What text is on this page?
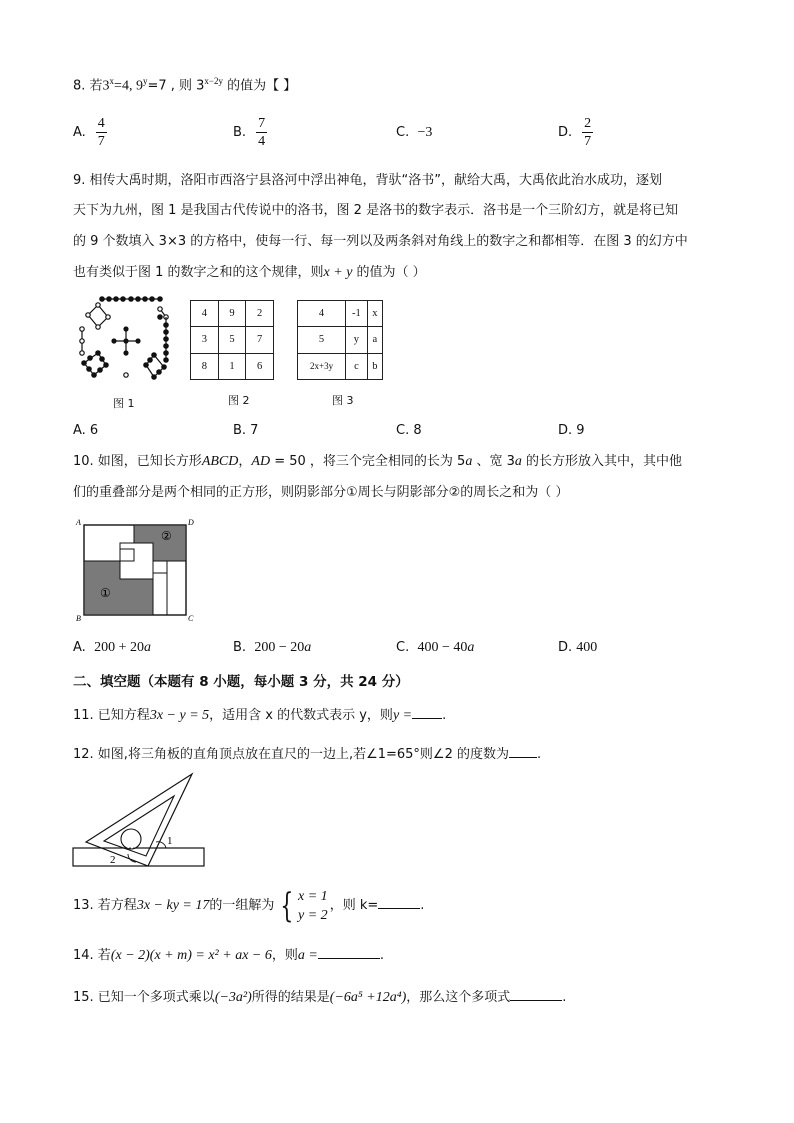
8. 若$3^x=4$, $9^y=7$ , 则 $3^{x-2y}$ 的值为【 】
A. $\frac{4}{7}$	B. $\frac{7}{4}$	C. −3	D. $\frac{2}{7}$
9. 相传大禹时期，洛阳市西洛宁县洛河中浮出神龟，背驮“洛书”，献给大禹，大禹依此治水成功，逐划
天下为九州，图 1 是我国古代传说中的洛书，图 2 是洛书的数字表示．洛书是一个三阶幻方，就是将已知
的 9 个数填入 3×3 的方格中，使每一行、每一列以及两条斜对角线上的数字之和都相等．在图 3 的幻方中
也有类似于图 1 的数字之和的这个规律，则x + y 的值为（ ）
图 1
4	9	2
3	5	7
8	1	6
图 2
4	-1	x
5	y	a
2x+3y	c	b
图 3
A. 6	B. 7	C. 8	D. 9
10. 如图，已知长方形ABCD，AD = 50 ，将三个完全相同的长为 5a 、宽 3a 的长方形放入其中，其中他
们的重叠部分是两个相同的正方形，则阴影部分①周长与阴影部分②的周长之和为（ ）
A	D
B	C
①
②
A. 200 + 20a	B. 200 − 20a	C. 400 − 40a	D. 400
二、填空题（本题有 8 小题，每小题 3 分，共 24 分）
11. 已知方程3x − y = 5，适用含 x 的代数式表示 y，则y = .
12. 如图,将三角板的直角顶点放在直尺的一边上,若∠1=65°则∠2 的度数为 .
1
2
13. 若方程3x − ky = 17的一组解为 { x = 1
y = 2
，则 k=	.
14. 若(x − 2)(x + m) = x² + ax − 6，则a =	.
15. 已知一个多项式乘以(−3a²)所得的结果是(−6a⁵ +12a⁴)，那么这个多项式	.
